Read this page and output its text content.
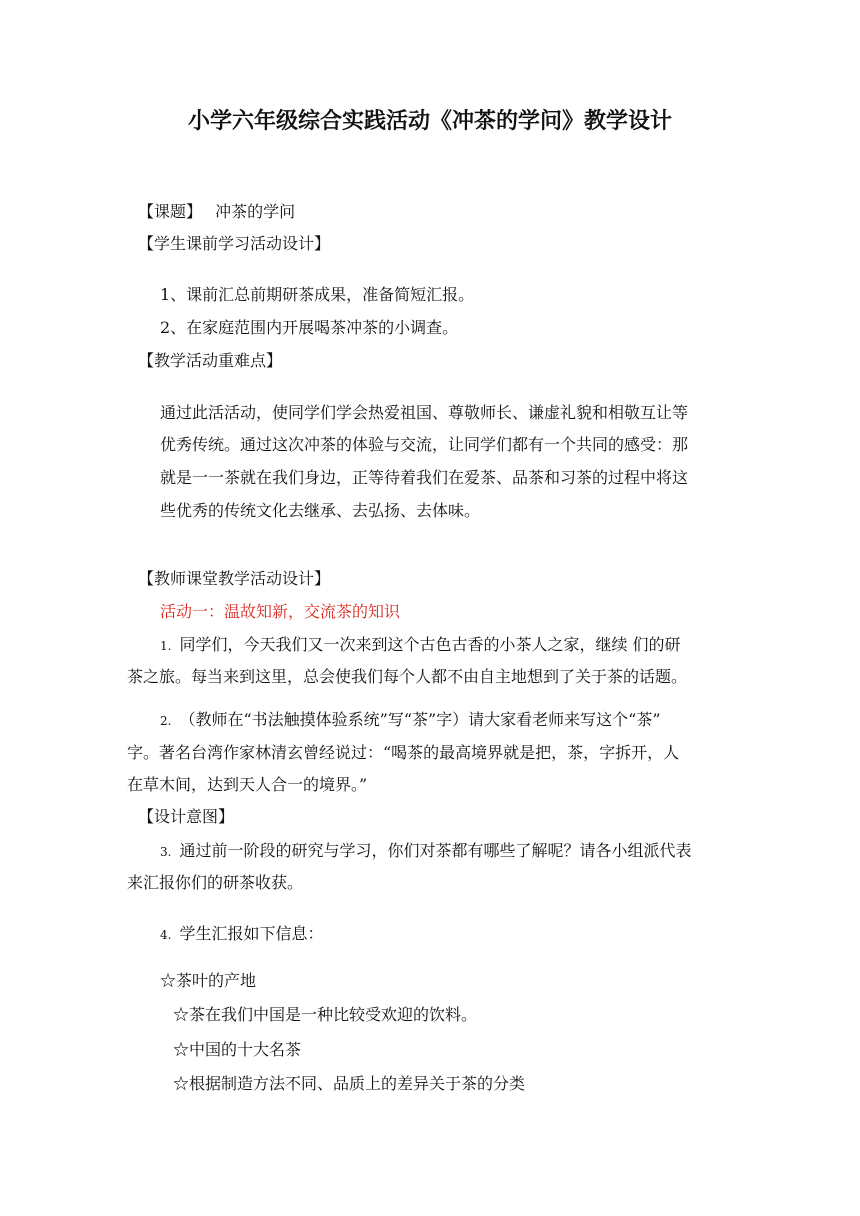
小学六年级综合实践活动《冲茶的学问》教学设计
【课题】 冲茶的学问
【学生课前学习活动设计】
1、课前汇总前期研茶成果，准备简短汇报。
2、在家庭范围内开展喝茶冲茶的小调查。
【教学活动重难点】
通过此活活动，使同学们学会热爱祖国、尊敬师长、谦虚礼貌和相敬互让等
优秀传统。通过这次冲茶的体验与交流，让同学们都有一个共同的感受：那
就是一一茶就在我们身边，正等待着我们在爱茶、品茶和习茶的过程中将这
些优秀的传统文化去继承、去弘扬、去体味。
【教师课堂教学活动设计】
活动一：温故知新，交流茶的知识
1. 同学们，今天我们又一次来到这个古色古香的小茶人之家，继续 们的研
茶之旅。每当来到这里，总会使我们每个人都不由自主地想到了关于茶的话题。
2. （教师在“书法触摸体验系统”写“茶”字）请大家看老师来写这个“茶”
字。著名台湾作家林清玄曾经说过：“喝茶的最高境界就是把，茶，字拆开，人
在草木间，达到天人合一的境界。”
【设计意图】
3. 通过前一阶段的研究与学习，你们对茶都有哪些了解呢？请各小组派代表
来汇报你们的研茶收获。
4. 学生汇报如下信息：
☆茶叶的产地
☆茶在我们中国是一种比较受欢迎的饮料。
☆中国的十大名茶
☆根据制造方法不同、品质上的差异关于茶的分类
